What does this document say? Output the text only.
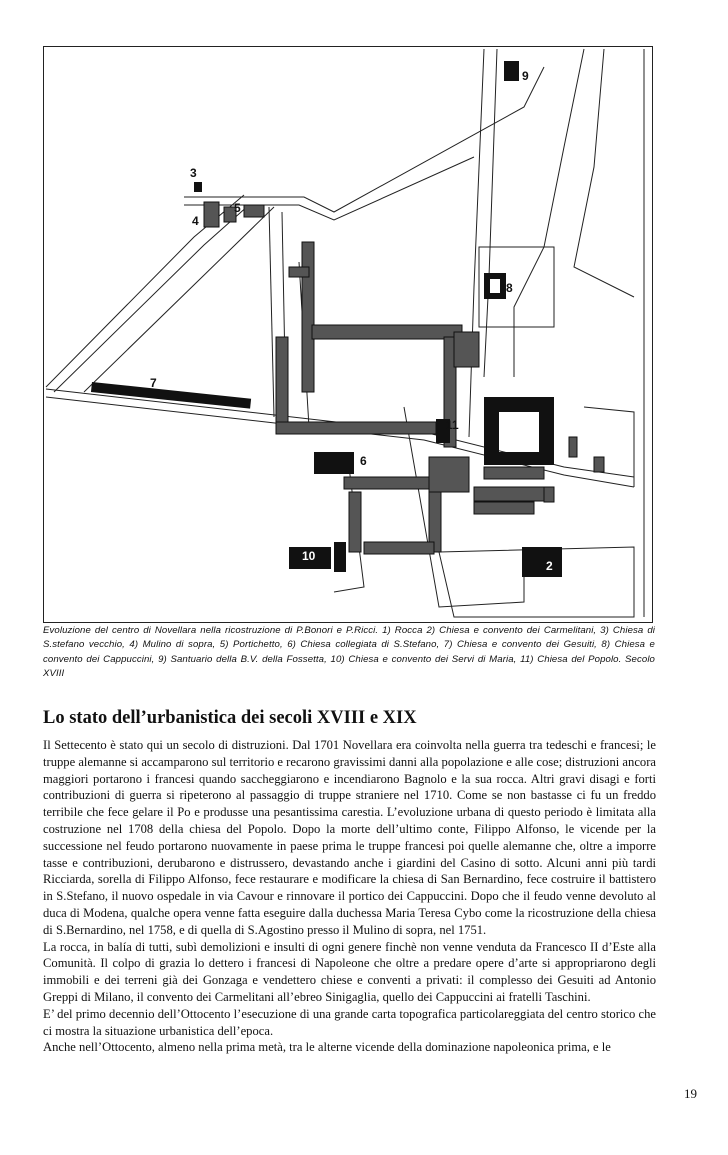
1
2
3
4
5
6
7
8
9
10
11
Evoluzione del centro di Novellara nella ricostruzione di P.Bonori e P.Ricci. 1) Rocca 2) Chiesa e convento dei Carmelitani, 3) Chiesa di S.stefano vecchio, 4) Mulino di sopra, 5) Portichetto, 6) Chiesa collegiata di S.Stefano, 7) Chiesa e convento dei Gesuiti, 8) Chiesa e convento dei Cappuccini, 9) Santuario della B.V. della Fossetta, 10) Chiesa e convento dei Servi di Maria, 11) Chiesa del Popolo. Secolo XVIII
Lo stato dell’urbanistica dei secoli XVIII e XIX

Il Settecento è stato qui un secolo di distruzioni. Dal 1701 Novellara era coinvolta nella guerra tra tedeschi e francesi; le truppe alemanne si accamparono sul territorio e recarono gravissimi danni alla popolazione e alle cose; distruzioni ancora maggiori portarono i francesi quando saccheggiarono e incendiarono Bagnolo e la sua rocca. Altri gravi disagi e forti contribuzioni di guerra si ripeterono al passaggio di truppe straniere nel 1710. Come se non bastasse ci fu un freddo terribile che fece gelare il Po e produsse una pesantissima carestia. L’evoluzione urbana di questo periodo è limitata alla costruzione nel 1708 della chiesa del Popolo. Dopo la morte dell’ultimo conte, Filippo Alfonso, le vicende per la successione nel feudo portarono nuovamente in paese prima le truppe francesi poi quelle alemanne che, oltre a imporre tasse e contribuzioni, derubarono e distrussero, devastando anche i giardini del Casino di sotto. Alcuni anni più tardi Ricciarda, sorella di Filippo Alfonso, fece restaurare e modificare la chiesa di San Bernardino, fece costruire il battistero in S.Stefano, il nuovo ospedale in via Cavour e rinnovare il portico dei Cappuccini. Dopo che il feudo venne devoluto al duca di Modena, qualche opera venne fatta eseguire dalla duchessa Maria Teresa Cybo come la ricostruzione della chiesa di S.Bernardino, nel 1758, e di quella di S.Agostino presso il Mulino di sopra, nel 1751.

La rocca, in balía di tutti, subì demolizioni e insulti di ogni genere finchè non venne venduta da Francesco II d’Este alla Comunità. Il colpo di grazia lo dettero i francesi di Napoleone che oltre a predare opere d’arte si appropriarono degli immobili e dei terreni già dei Gonzaga e vendettero chiese e conventi a privati: il complesso dei Gesuiti ad Antonio Greppi di Milano, il convento dei Carmelitani all’ebreo Sinigaglia, quello dei Cappuccini ai fratelli Taschini.

E’ del primo decennio dell’Ottocento l’esecuzione di una grande carta topografica particolareggiata del centro storico che ci mostra la situazione urbanistica dell’epoca.

Anche nell’Ottocento, almeno nella prima metà, tra le alterne vicende della dominazione napoleonica prima, e le

19
